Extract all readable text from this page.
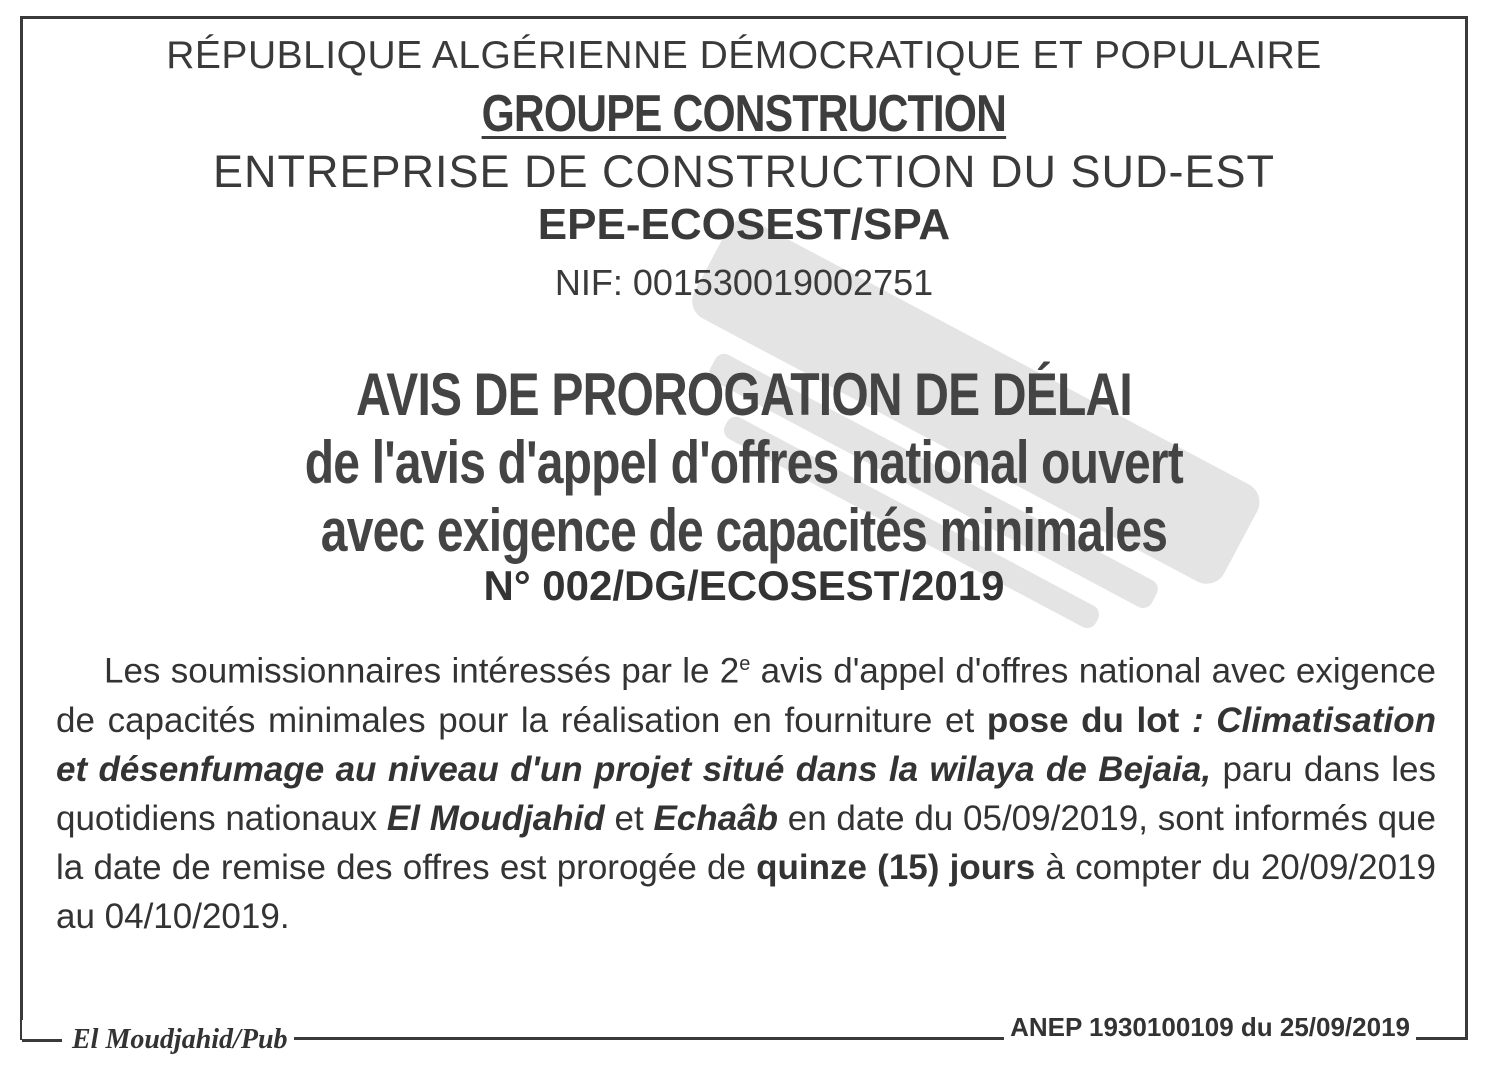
RÉPUBLIQUE ALGÉRIENNE DÉMOCRATIQUE ET POPULAIRE
GROUPE CONSTRUCTION
ENTREPRISE DE CONSTRUCTION DU SUD-EST
EPE-ECOSEST/SPA
NIF: 001530019002751
AVIS DE PROROGATION DE DÉLAI
de l'avis d'appel d'offres national ouvert
avec exigence de capacités minimales
N° 002/DG/ECOSEST/2019
Les soumissionnaires intéressés par le 2e avis d'appel d'offres national avec exigence de capacités minimales pour la réalisation en fourniture et pose du lot : Climatisation et désenfumage au niveau d'un projet situé dans la wilaya de Bejaia, paru dans les quotidiens nationaux El Moudjahid et Echaâb en date du 05/09/2019, sont informés que la date de remise des offres est prorogée de quinze (15) jours à compter du 20/09/2019 au 04/10/2019.
El Moudjahid/Pub	ANEP 1930100109 du 25/09/2019
